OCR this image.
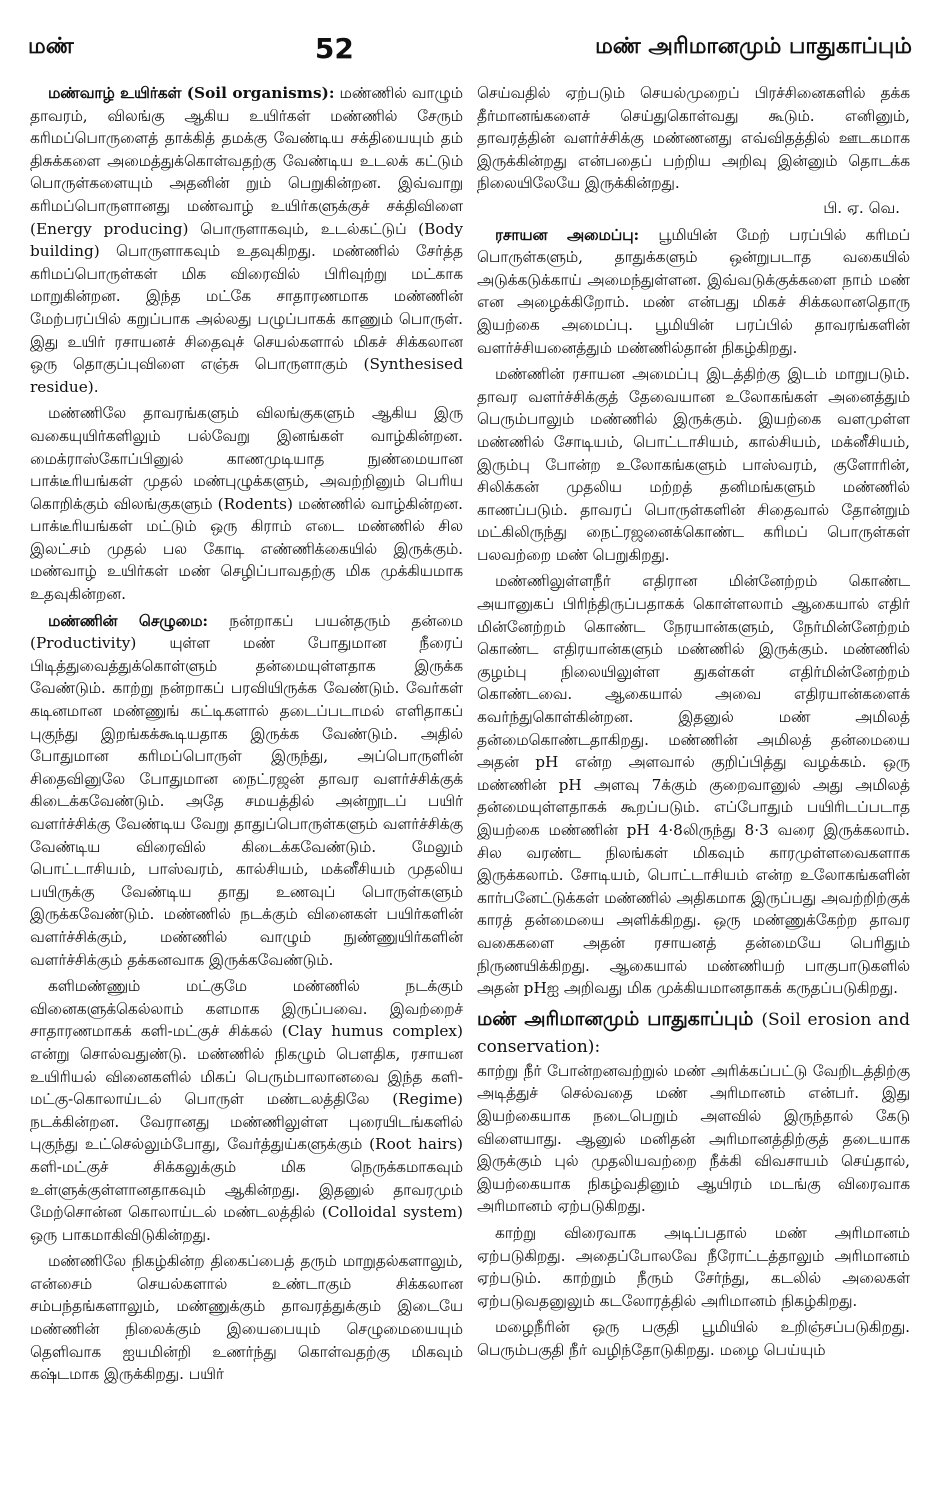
மண்	52	மண் அரிமானமும் பாதுகாப்பும்

மண்வாழ் உயிர்கள் (Soil organisms): மண்ணில் வாழும் தாவரம், விலங்கு ஆகிய உயிர்கள் மண்ணில் சேரும் கரிமப்பொருளைத் தாக்கித் தமக்கு வேண்டிய சக்தியையும் தம் திசுக்களை அமைத்துக்கொள்வதற்கு வேண்டிய உடலக் கட்டும் பொருள்களையும் அதனின் றும் பெறுகின்றன. இவ்வாறு கரிமப்பொருளானது மண்வாழ் உயிர்களுக்குச் சக்திவிளை (Energy producing) பொருளாகவும், உடல்கட்டுப் (Body building) பொருளாகவும் உதவுகிறது. மண்ணில் சேர்த்த கரிமப்பொருள்கள் மிக விரைவில் பிரிவுற்று மட்காக மாறுகின்றன. இந்த மட்கே சாதாரணமாக மண்ணின் மேற்பரப்பில் கறுப்பாக அல்லது பழுப்பாகக் காணும் பொருள். இது உயிர் ரசாயனச் சிதைவுச் செயல்களால் மிகச் சிக்கலான ஒரு தொகுப்புவிளை எஞ்சு பொருளாகும் (Synthesised residue).

மண்ணிலே தாவரங்களும் விலங்குகளும் ஆகிய இரு வகையுயிர்களிலும் பல்வேறு இனங்கள் வாழ்கின்றன. மைக்ராஸ்கோப்பினுல் காணமுடியாத நுண்மையான பாக்டீரியங்கள் முதல் மண்புழுக்களும், அவற்றினும் பெரிய கொறிக்கும் விலங்குகளும் (Rodents) மண்ணில் வாழ்கின்றன. பாக்டீரியங்கள் மட்டும் ஒரு கிராம் எடை மண்ணில் சில இலட்சம் முதல் பல கோடி எண்ணிக்கையில் இருக்கும். மண்வாழ் உயிர்கள் மண் செழிப்பாவதற்கு மிக முக்கியமாக உதவுகின்றன.

மண்ணின் செழுமை: நன்றாகப் பயன்தரும் தன்மை (Productivity) யுள்ள மண் போதுமான நீரைப் பிடித்துவைத்துக்கொள்ளும் தன்மையுள்ளதாக இருக்க வேண்டும். காற்று நன்றாகப் பரவியிருக்க வேண்டும். வேர்கள் கடினமான மண்ணுங் கட்டிகளால் தடைப்படாமல் எளிதாகப் புகுந்து இறங்கக்கூடியதாக இருக்க வேண்டும். அதில் போதுமான கரிமப்பொருள் இருந்து, அப்பொருளின் சிதைவினுலே போதுமான நைட்ரஜன் தாவர வளர்ச்சிக்குக் கிடைக்கவேண்டும். அதே சமயத்தில் அன்றூடப் பயிர் வளர்ச்சிக்கு வேண்டிய வேறு தாதுப்பொருள்களும் வளர்ச்சிக்கு வேண்டிய விரைவில் கிடைக்கவேண்டும். மேலும் பொட்டாசியம், பாஸ்வரம், கால்சியம், மக்னீசியம் முதலிய பயிருக்கு வேண்டிய தாது உணவுப் பொருள்களும் இருக்கவேண்டும். மண்ணில் நடக்கும் வினைகள் பயிர்களின் வளர்ச்சிக்கும், மண்ணில் வாழும் நுண்ணுயிர்களின் வளர்ச்சிக்கும் தக்கனவாக இருக்கவேண்டும்.

களிமண்ணும் மட்குமே மண்ணில் நடக்கும் வினைகளுக்கெல்லாம் களமாக இருப்பவை. இவற்றைச் சாதாரணமாகக் களி-மட்குச் சிக்கல் (Clay humus complex) என்று சொல்வதுண்டு. மண்ணில் நிகழும் பௌதிக, ரசாயன உயிரியல் வினைகளில் மிகப் பெரும்பாலானவை இந்த களி-மட்கு-கொலாய்டல் பொருள் மண்டலத்திலே (Regime) நடக்கின்றன. வேரானது மண்ணிலுள்ள புரையிடங்களில் புகுந்து உட்செல்லும்போது, வேர்த்துய்களுக்கும் (Root hairs) களி-மட்குச் சிக்கலுக்கும் மிக நெருக்கமாகவும் உள்ளுக்குள்ளானதாகவும் ஆகின்றது. இதனுல் தாவரமும் மேற்சொன்ன கொலாய்டல் மண்டலத்தில் (Colloidal system) ஒரு பாகமாகிவிடுகின்றது.

மண்ணிலே நிகழ்கின்ற திகைப்பைத் தரும் மாறுதல்களாலும், என்சைம் செயல்களால் உண்டாகும் சிக்கலான சம்பந்தங்களாலும், மண்ணுக்கும் தாவரத்துக்கும் இடையே மண்ணின் நிலைக்கும் இயைபையும் செழுமையையும் தெளிவாக ஐயமின்றி உணர்ந்து கொள்வதற்கு மிகவும் கஷ்டமாக இருக்கிறது. பயிர்

செய்வதில் ஏற்படும் செயல்முறைப் பிரச்சினைகளில் தக்க தீர்மானங்களைச் செய்துகொள்வது கூடும். எனினும், தாவரத்தின் வளர்ச்சிக்கு மண்ணனது எவ்விதத்தில் ஊடகமாக இருக்கின்றது என்பதைப் பற்றிய அறிவு இன்னும் தொடக்க நிலையிலேயே இருக்கின்றது.

பி. ஏ. வெ.

ரசாயன அமைப்பு: பூமியின் மேற் பரப்பில் கரிமப் பொருள்களும், தாதுக்களும் ஒன்றுபடாத வகையில் அடுக்கடுக்காய் அமைந்துள்ளன. இவ்வடுக்குக்களை நாம் மண் என அழைக்கிறோம். மண் என்பது மிகச் சிக்கலானதொரு இயற்கை அமைப்பு. பூமியின் பரப்பில் தாவரங்களின் வளர்ச்சியனைத்தும் மண்ணில்தான் நிகழ்கிறது.

மண்ணின் ரசாயன அமைப்பு இடத்திற்கு இடம் மாறுபடும். தாவர வளர்ச்சிக்குத் தேவையான உலோகங்கள் அனைத்தும் பெரும்பாலும் மண்ணில் இருக்கும். இயற்கை வளமுள்ள மண்ணில் சோடியம், பொட்டாசியம், கால்சியம், மக்னீசியம், இரும்பு போன்ற உலோகங்களும் பாஸ்வரம், குளோரின், சிலிக்கன் முதலிய மற்றத் தனிமங்களும் மண்ணில் காணப்படும். தாவரப் பொருள்களின் சிதைவால் தோன்றும் மட்கிலிருந்து நைட்ரஜனைக்கொண்ட கரிமப் பொருள்கள் பலவற்றை மண் பெறுகிறது.

மண்ணிலுள்ளநீர் எதிரான மின்னேற்றம் கொண்ட அயானுகப் பிரிந்திருப்பதாகக் கொள்ளலாம் ஆகையால் எதிர் மின்னேற்றம் கொண்ட நேரயான்களும், நேர்மின்னேற்றம் கொண்ட எதிரயான்களும் மண்ணில் இருக்கும். மண்ணில் குழம்பு நிலையிலுள்ள துகள்கள் எதிர்மின்னேற்றம் கொண்டவை. ஆகையால் அவை எதிரயான்களைக் கவர்ந்துகொள்கின்றன. இதனுல் மண் அமிலத் தன்மைகொண்டதாகிறது. மண்ணின் அமிலத் தன்மையை அதன் pH என்ற அளவால் குறிப்பித்து வழக்கம். ஒரு மண்ணின் pH அளவு 7க்கும் குறைவானுல் அது அமிலத் தன்மையுள்ளதாகக் கூறப்படும். எப்போதும் பயிரிடப்படாத இயற்கை மண்ணின் pH 4·8லிருந்து 8·3 வரை இருக்கலாம். சில வரண்ட நிலங்கள் மிகவும் காரமுள்ளவைகளாக இருக்கலாம். சோடியம், பொட்டாசியம் என்ற உலோகங்களின் கார்பனேட்டுக்கள் மண்ணில் அதிகமாக இருப்பது அவற்றிற்குக் காரத் தன்மையை அளிக்கிறது. ஒரு மண்ணுக்கேற்ற தாவர வகைகளை அதன் ரசாயனத் தன்மையே பெரிதும் நிருணயிக்கிறது. ஆகையால் மண்ணியற் பாகுபாடுகளில் அதன் pHஐ அறிவது மிக முக்கியமானதாகக் கருதப்படுகிறது.

மண் அரிமானமும் பாதுகாப்பும் (Soil erosion and conservation):

காற்று நீர் போன்றனவற்றுல் மண் அரிக்கப்பட்டு வேறிடத்திற்கு அடித்துச் செல்வதை மண் அரிமானம் என்பர். இது இயற்கையாக நடைபெறும் அளவில் இருந்தால் கேடு விளையாது. ஆனுல் மனிதன் அரிமானத்திற்குத் தடையாக இருக்கும் புல் முதலியவற்றை நீக்கி விவசாயம் செய்தால், இயற்கையாக நிகழ்வதினும் ஆயிரம் மடங்கு விரைவாக அரிமானம் ஏற்படுகிறது.

காற்று விரைவாக அடிப்பதால் மண் அரிமானம் ஏற்படுகிறது. அதைப்போலவே நீரோட்டத்தாலும் அரிமானம் ஏற்படும். காற்றும் நீரும் சேர்ந்து, கடலில் அலைகள் ஏற்படுவதனுலும் கடலோரத்தில் அரிமானம் நிகழ்கிறது.

மழைநீரின் ஒரு பகுதி பூமியில் உறிஞ்சப்படுகிறது. பெரும்பகுதி நீர் வழிந்தோடுகிறது. மழை பெய்யும்
